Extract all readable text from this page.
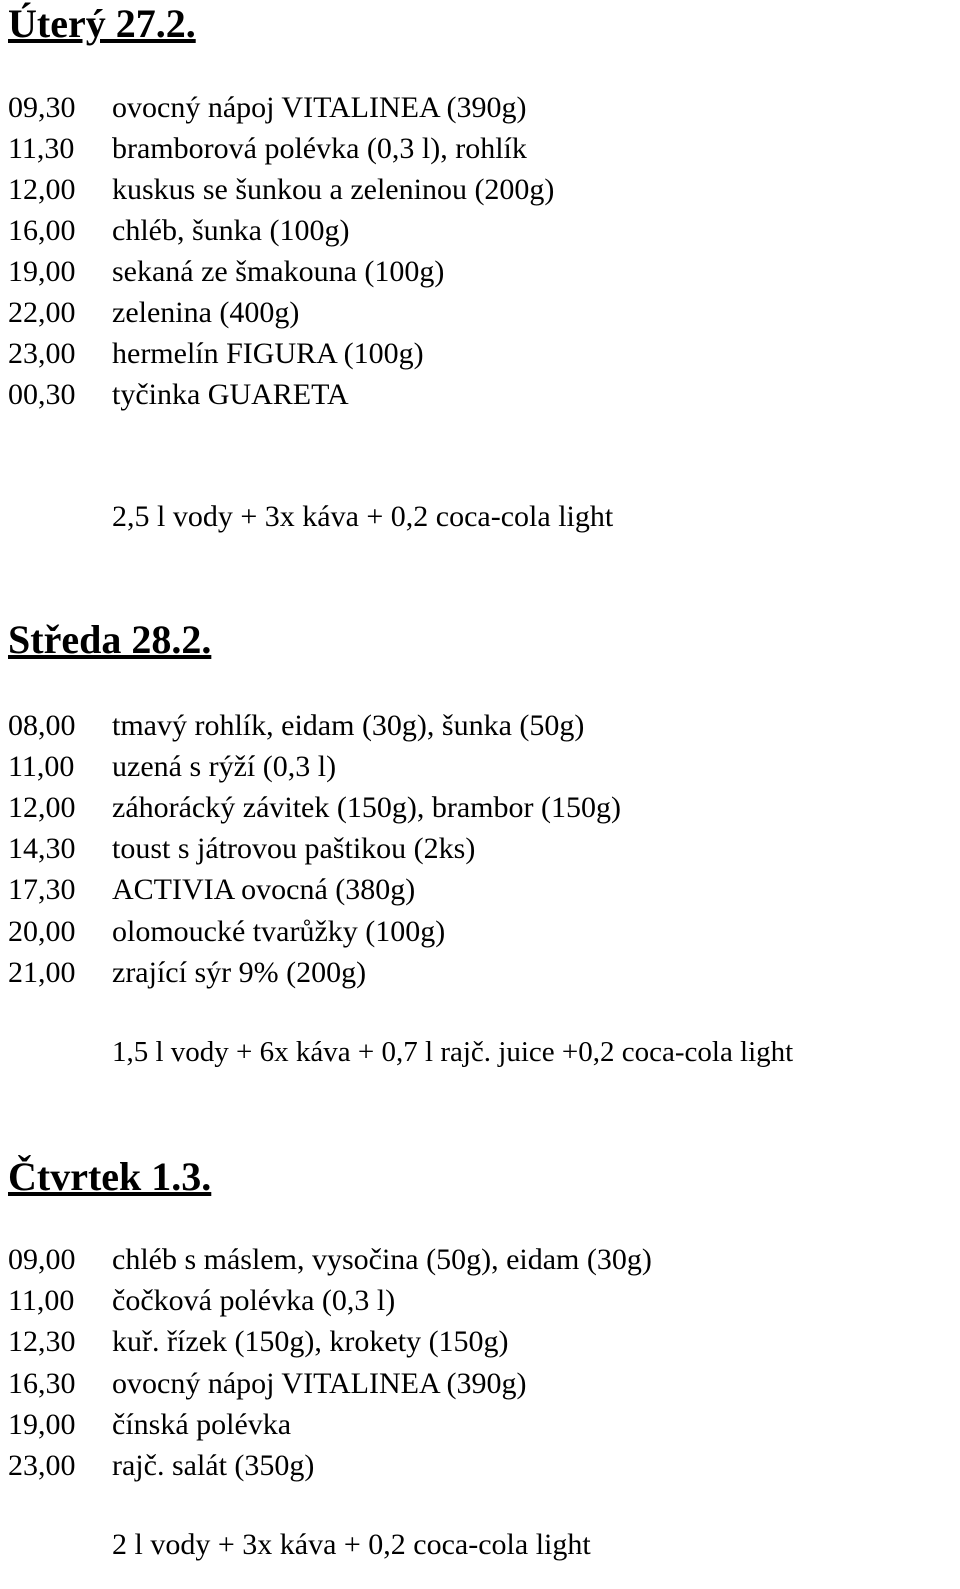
Úterý 27.2.
09,30	ovocný nápoj VITALINEA (390g)
11,30	bramborová polévka (0,3 l), rohlík
12,00	kuskus se šunkou a zeleninou (200g)
16,00	chléb, šunka (100g)
19,00	sekaná ze šmakouna (100g)
22,00	zelenina (400g)
23,00	hermelín FIGURA (100g)
00,30	tyčinka GUARETA
2,5 l vody + 3x káva + 0,2 coca-cola light
Středa 28.2.
08,00	tmavý rohlík, eidam (30g), šunka (50g)
11,00	uzená s rýží (0,3 l)
12,00	záhorácký závitek (150g), brambor (150g)
14,30	toust s játrovou paštikou (2ks)
17,30	ACTIVIA ovocná (380g)
20,00	olomoucké tvarůžky (100g)
21,00	zrající sýr 9% (200g)
1,5 l vody + 6x káva + 0,7 l rajč. juice +0,2 coca-cola light
Čtvrtek 1.3.
09,00	chléb s máslem, vysočina (50g), eidam (30g)
11,00	čočková polévka (0,3 l)
12,30	kuř. řízek (150g), krokety (150g)
16,30	ovocný nápoj VITALINEA (390g)
19,00	čínská polévka
23,00	rajč. salát (350g)
2 l vody + 3x káva + 0,2 coca-cola light
